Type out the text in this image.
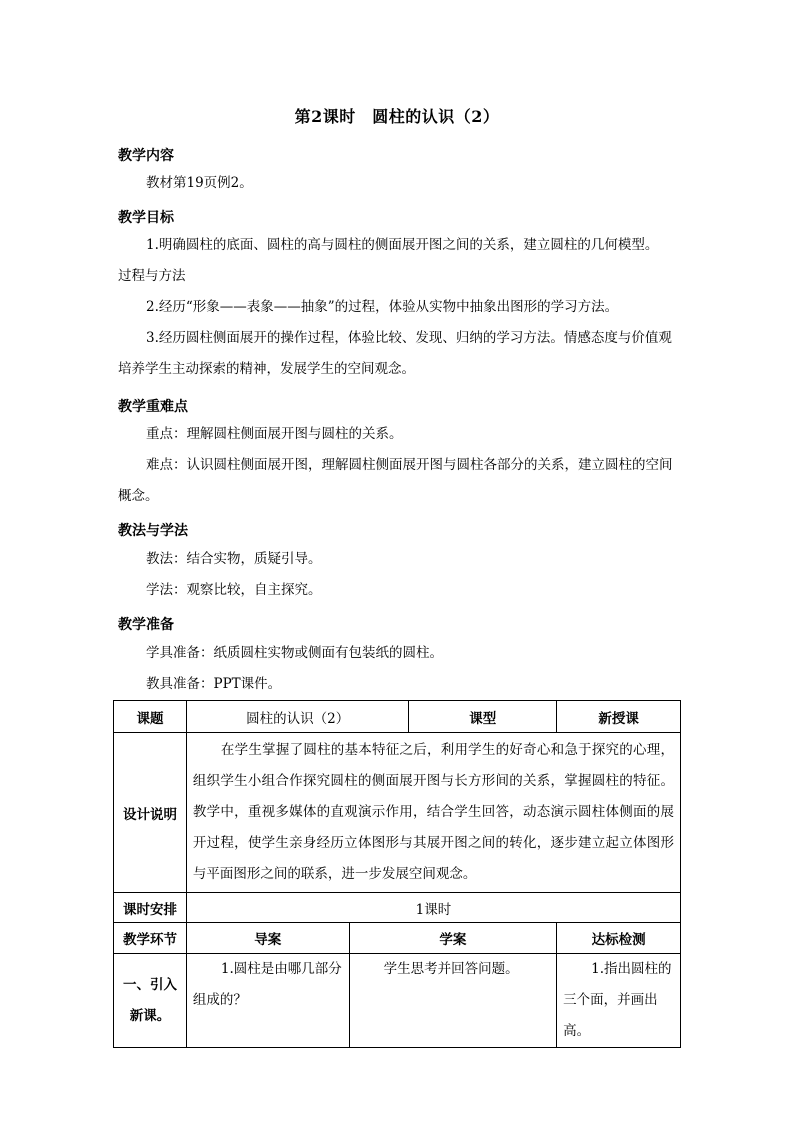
第2课时　圆柱的认识（2）
教学内容
教材第19页例2。
教学目标
1.明确圆柱的底面、圆柱的高与圆柱的侧面展开图之间的关系，建立圆柱的几何模型。
过程与方法
2.经历“形象——表象——抽象”的过程，体验从实物中抽象出图形的学习方法。
3.经历圆柱侧面展开的操作过程，体验比较、发现、归纳的学习方法。情感态度与价值观培养学生主动探索的精神，发展学生的空间观念。
教学重难点
重点：理解圆柱侧面展开图与圆柱的关系。
难点：认识圆柱侧面展开图，理解圆柱侧面展开图与圆柱各部分的关系，建立圆柱的空间概念。
教法与学法
教法：结合实物，质疑引导。
学法：观察比较，自主探究。
教学准备
学具准备：纸质圆柱实物或侧面有包装纸的圆柱。
教具准备：PPT课件。
课题	圆柱的认识（2）		课型	新授课
设计说明	在学生掌握了圆柱的基本特征之后，利用学生的好奇心和急于探究的心理，组织学生小组合作探究圆柱的侧面展开图与长方形间的关系，掌握圆柱的特征。教学中，重视多媒体的直观演示作用，结合学生回答，动态演示圆柱体侧面的展开过程，使学生亲身经历立体图形与其展开图之间的转化，逐步建立起立体图形与平面图形之间的联系，进一步发展空间观念。			
课时安排	1课时			
教学环节	导案	学案		达标检测
一、引入新课。	1.圆柱是由哪几部分组成的？	学生思考并回答问题。		1.指出圆柱的三个面，并画出高。
